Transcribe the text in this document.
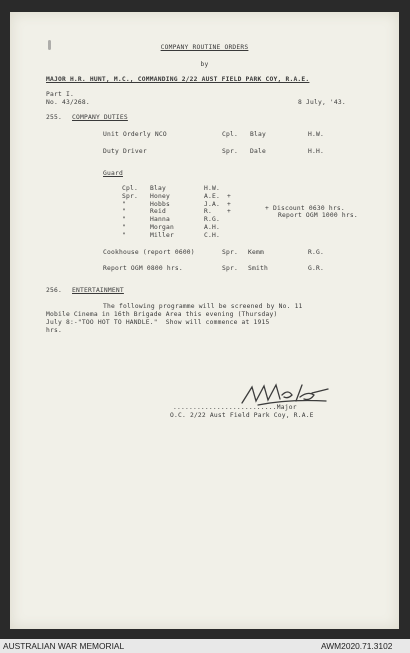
COMPANY ROUTINE ORDERS
by
MAJOR H.R. HUNT, M.C., COMMANDING 2/22 AUST FIELD PARK COY, R.A.E.
Part I.
No. 43/268.	8 July, '43.
255. COMPANY DUTIES
Unit Orderly NCO	Cpl. Blay	H.W.
Duty Driver	Spr. Dale	H.H.
Guard
Cpl. Blay	H.W.
Spr. Honey	A.E. +
"	Hobbs	J.A. +
"	Reid	R. +
"	Hanna	R.G.
"	Morgan	A.H.
"	Miller	C.H.
+ Discount 0630 hrs.
Report OGM 1000 hrs.
Cookhouse (report 0600)	Spr. Kemm	R.G.
Report OGM 0800 hrs.	Spr. Smith	G.R.
256. ENTERTAINMENT
The following programme will be screened by No. 11
Mobile Cinema in 16th Brigade Area this evening (Thursday)
July 8:-"TOO HOT TO HANDLE."  Show will commence at 1915
hrs.
..........................Major
O.C. 2/22 Aust Field Park Coy, R.A.E
AUSTRALIAN WAR MEMORIAL	AWM2020.71.3102
